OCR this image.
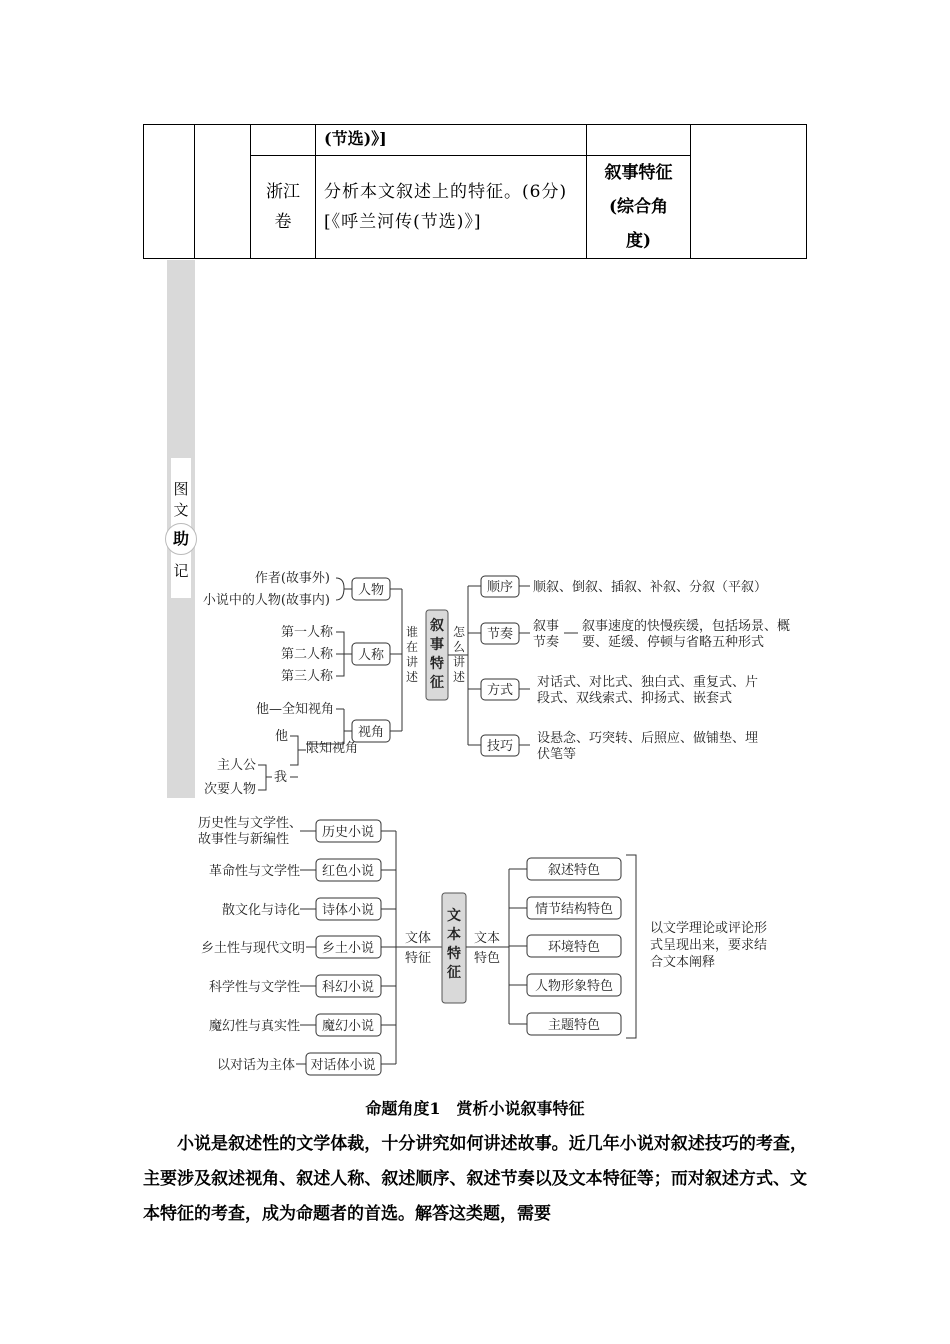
			(节选)》]		

		浙江卷	分析本文叙述上的特征。(6分)[《呼兰河传(节选)》]	叙事特征(综合角度)	
图文
助
记	作者(故事外)
小说中的人物(故事内)
人物
第一人称
第二人称
第三人称
人称
他—全知视角
他
限知视角
主人公
我
次要人物
视角
顺序
节奏
方式
技巧
顺叙、倒叙、插叙、补叙、分叙（平叙）
叙
事
特
征
谁
在
讲
述
怎
么
讲
述
叙事节奏
叙事速度的快慢疾缓，包括场景、概要、延缓、停顿与省略五种形式
对话式、对比式、独白式、重复式、片段式、双线索式、抑扬式、嵌套式
设悬念、巧突转、后照应、做铺垫、埋伏笔等
文
本
特
征
文体特征
文本特色
历史性与文学性、故事性与新编性
以文学理论或评论形式呈现出来，要求结合文本阐释
历史小说
红色小说
诗体小说
乡土小说
科幻小说
魔幻小说
对话体小说
革命性与文学性
散文化与诗化
乡土性与现代文明
科学性与文学性
魔幻性与真实性
以对话为主体
叙述特色
情节结构特色
环境特色
人物形象特色
主题特色
命题角度1　赏析小说叙事特征
小说是叙述性的文学体裁，十分讲究如何讲述故事。近几年小说对叙述技巧的考查，主要涉及叙述视角、叙述人称、叙述顺序、叙述节奏以及文本特征等；而对叙述方式、文本特征的考查，成为命题者的首选。解答这类题，需要
